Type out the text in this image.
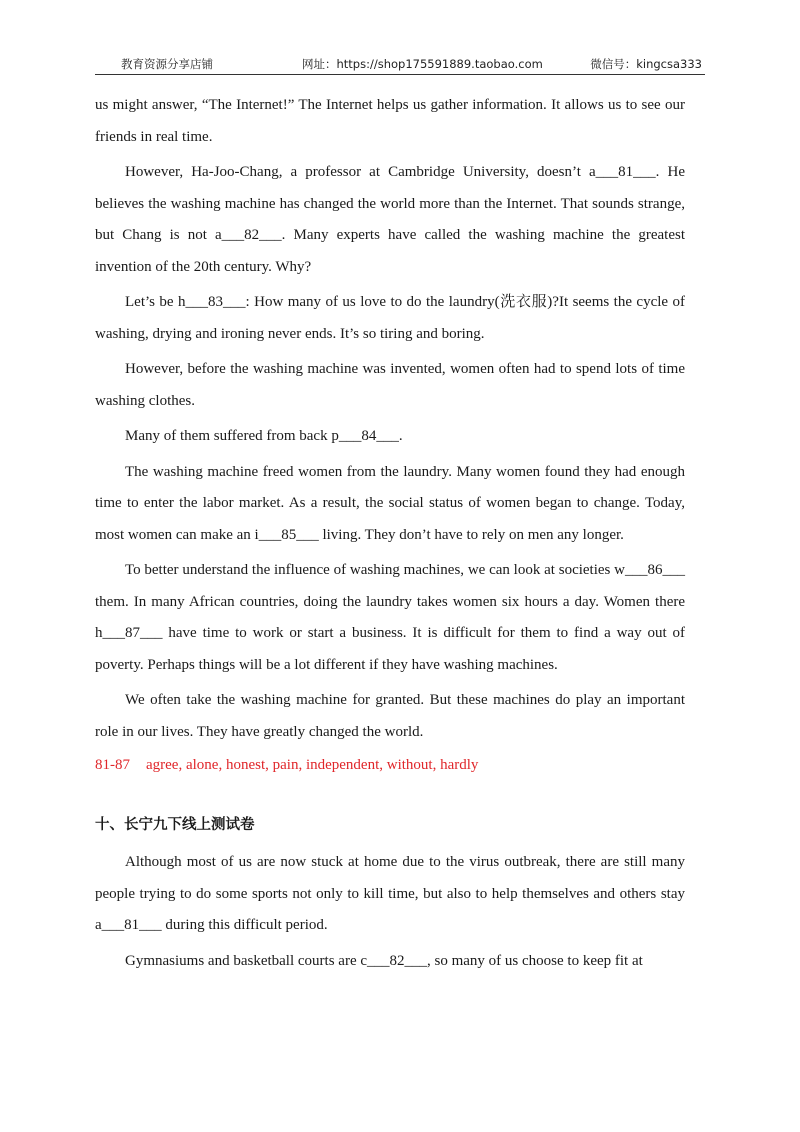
教育资源分享店铺	网址：https://shop175591889.taobao.com	微信号：kingcsa333

us might answer, “The Internet!” The Internet helps us gather information. It allows us to see our friends in real time.

However, Ha-Joo-Chang, a professor at Cambridge University, doesn’t a___81___. He believes the washing machine has changed the world more than the Internet. That sounds strange, but Chang is not a___82___. Many experts have called the washing machine the greatest invention of the 20th century. Why?

Let’s be h___83___: How many of us love to do the laundry(洗衣服)?It seems the cycle of washing, drying and ironing never ends. It’s so tiring and boring.

However, before the washing machine was invented, women often had to spend lots of time washing clothes.

Many of them suffered from back p___84___.

The washing machine freed women from the laundry. Many women found they had enough time to enter the labor market. As a result, the social status of women began to change. Today, most women can make an i___85___ living. They don’t have to rely on men any longer.

To better understand the influence of washing machines, we can look at societies w___86___ them. In many African countries, doing the laundry takes women six hours a day. Women there h___87___ have time to work or start a business. It is difficult for them to find a way out of poverty. Perhaps things will be a lot different if they have washing machines.

We often take the washing machine for granted. But these machines do play an important role in our lives. They have greatly changed the world.

81-87 agree, alone, honest, pain, independent, without, hardly

十、长宁九下线上测试卷

Although most of us are now stuck at home due to the virus outbreak, there are still many people trying to do some sports not only to kill time, but also to help themselves and others stay a___81___ during this difficult period.

Gymnasiums and basketball courts are c___82___, so many of us choose to keep fit at
